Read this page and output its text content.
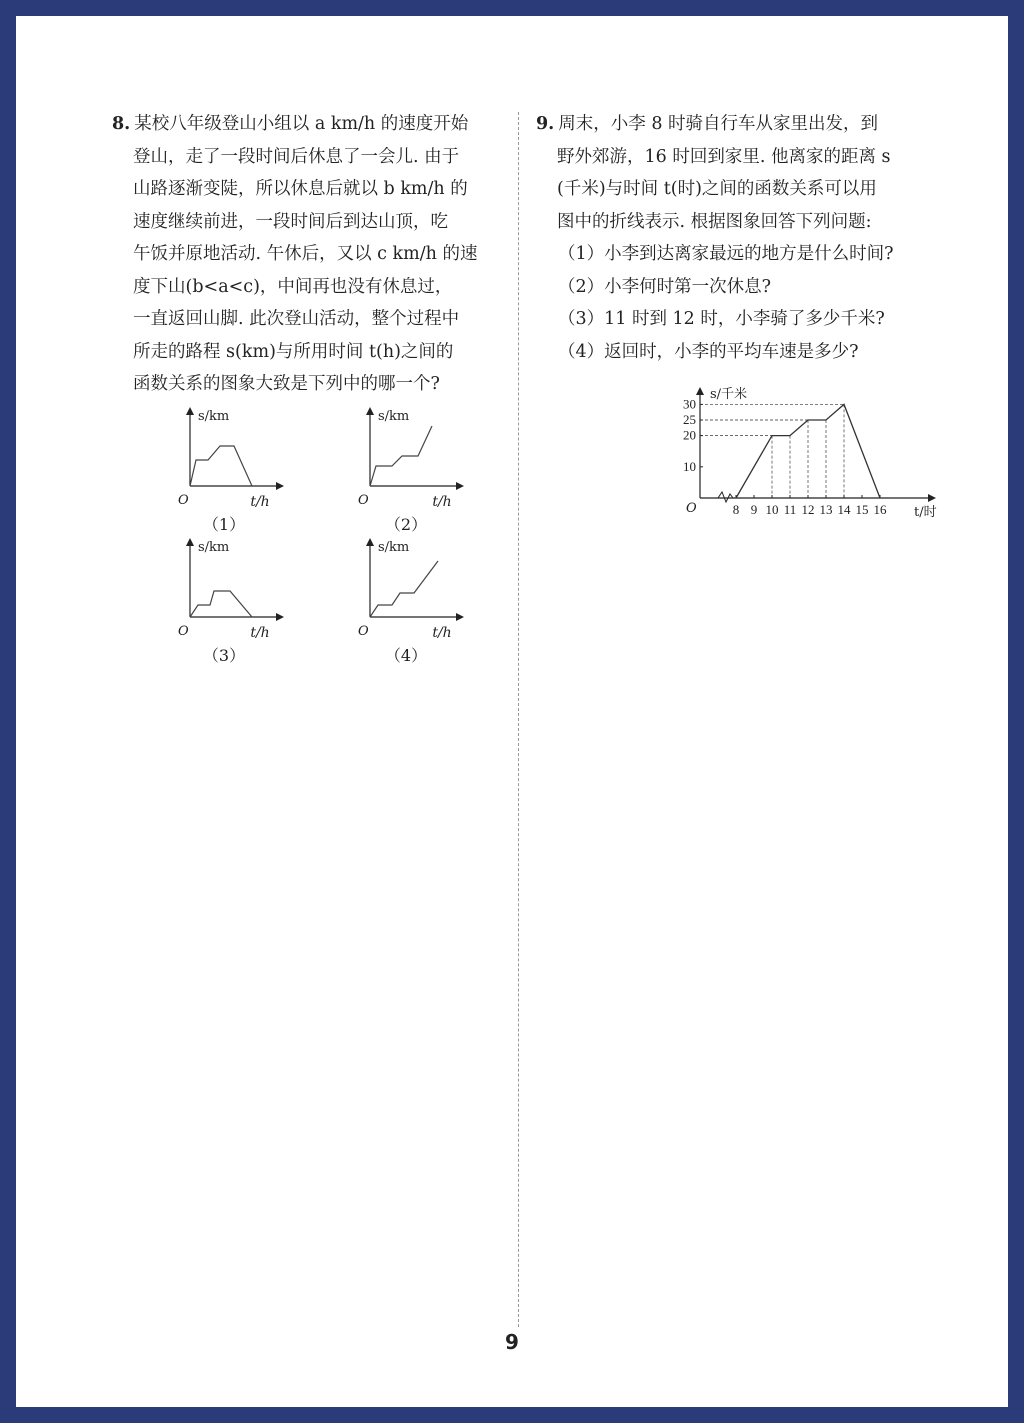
8. 某校八年级登山小组以 a km/h 的速度开始

登山，走了一段时间后休息了一会儿. 由于

山路逐渐变陡，所以休息后就以 b km/h 的

速度继续前进，一段时间后到达山顶，吃

午饭并原地活动. 午休后，又以 c km/h 的速

度下山(b<a<c)，中间再也没有休息过，

一直返回山脚. 此次登山活动，整个过程中

所走的路程 s(km)与所用时间 t(h)之间的

函数关系的图象大致是下列中的哪一个?

s/km
O	t/h
（1）
s/km
O	t/h
（2）
s/km
O	t/h
（3）
s/km
O	t/h
（4）

9. 周末，小李 8 时骑自行车从家里出发，到

野外郊游，16 时回到家里. 他离家的距离 s

(千米)与时间 t(时)之间的函数关系可以用

图中的折线表示. 根据图象回答下列问题:

（1）小李到达离家最远的地方是什么时间?

（2）小李何时第一次休息?

（3）11 时到 12 时，小李骑了多少千米?

（4）返回时，小李的平均车速是多少?

8 9 10 11 12 13 14 15 16
10
20
25
30
s/千米
t/时
O
9
